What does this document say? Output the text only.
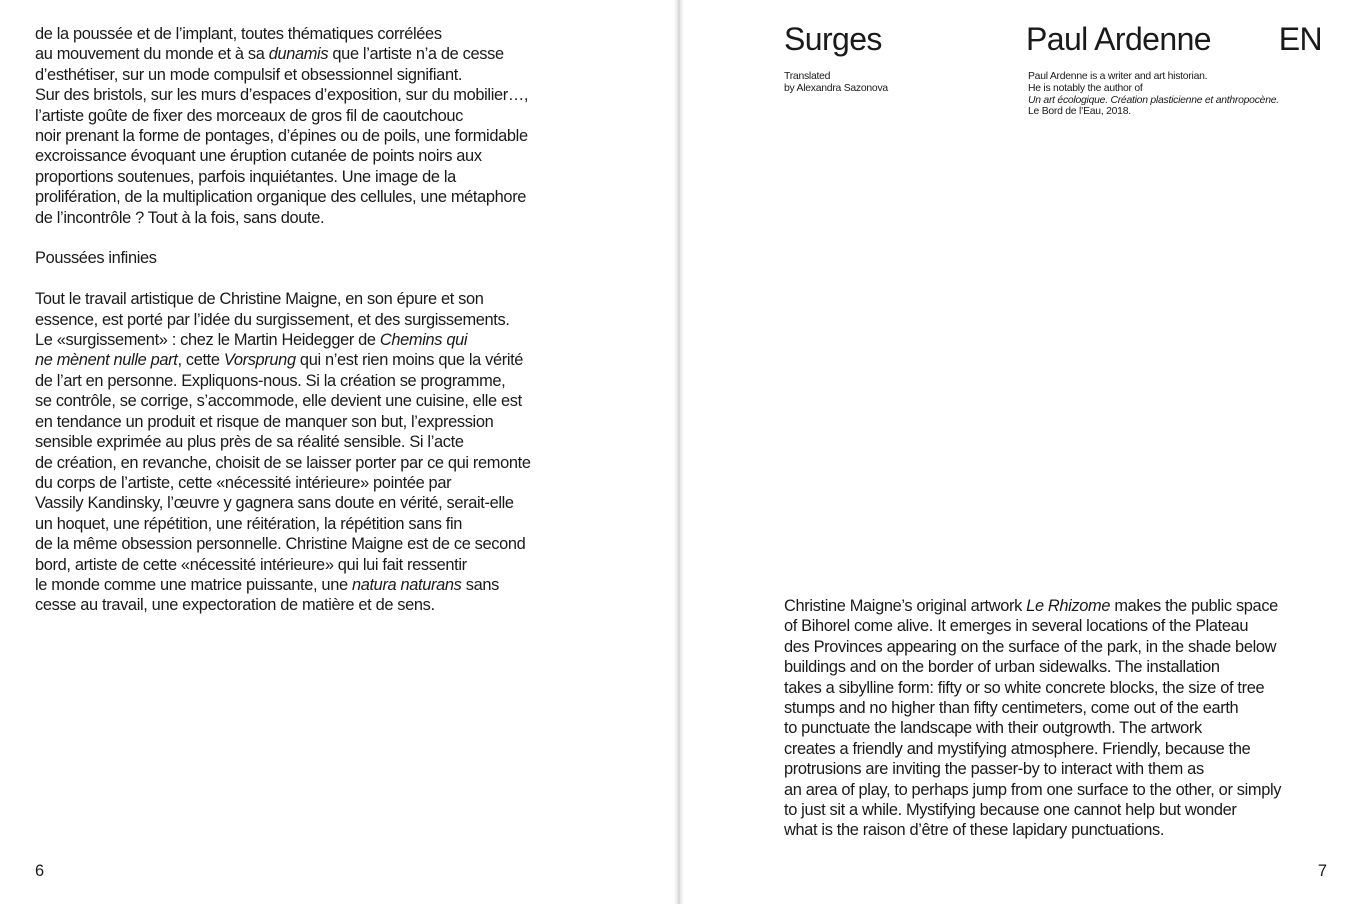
de la poussée et de l’implant, toutes thématiques corrélées
au mouvement du monde et à sa dunamis que l’artiste n’a de cesse
d’esthétiser, sur un mode compulsif et obsessionnel signifiant.
Sur des bristols, sur les murs d’espaces d’exposition, sur du mobilier…,
l’artiste goûte de fixer des morceaux de gros fil de caoutchouc
noir prenant la forme de pontages, d’épines ou de poils, une formidable
excroissance évoquant une éruption cutanée de points noirs aux
proportions soutenues, parfois inquiétantes. Une image de la
prolifération, de la multiplication organique des cellules, une métaphore
de l’incontrôle ? Tout à la fois, sans doute.

Poussées infinies

Tout le travail artistique de Christine Maigne, en son épure et son
essence, est porté par l’idée du surgissement, et des surgissements.
Le «surgissement» : chez le Martin Heidegger de Chemins qui
ne mènent nulle part, cette Vorsprung qui n’est rien moins que la vérité
de l’art en personne. Expliquons-nous. Si la création se programme,
se contrôle, se corrige, s’accommode, elle devient une cuisine, elle est
en tendance un produit et risque de manquer son but, l’expression
sensible exprimée au plus près de sa réalité sensible. Si l’acte
de création, en revanche, choisit de se laisser porter par ce qui remonte
du corps de l’artiste, cette «nécessité intérieure» pointée par
Vassily Kandinsky, l’œuvre y gagnera sans doute en vérité, serait-elle
un hoquet, une répétition, une réitération, la répétition sans fin
de la même obsession personnelle. Christine Maigne est de ce second
bord, artiste de cette «nécessité intérieure» qui lui fait ressentir
le monde comme une matrice puissante, une natura naturans sans
cesse au travail, une expectoration de matière et de sens.

6
Surges	Paul Ardenne EN
Translated
by Alexandra Sazonova
Paul Ardenne is a writer and art historian.
He is notably the author of
Un art écologique. Création plasticienne et anthropocène.
Le Bord de l’Eau, 2018.

Christine Maigne’s original artwork Le Rhizome makes the public space
of Bihorel come alive. It emerges in several locations of the Plateau
des Provinces appearing on the surface of the park, in the shade below
buildings and on the border of urban sidewalks. The installation
takes a sibylline form: fifty or so white concrete blocks, the size of tree
stumps and no higher than fifty centimeters, come out of the earth
to punctuate the landscape with their outgrowth. The artwork
creates a friendly and mystifying atmosphere. Friendly, because the
protrusions are inviting the passer-by to interact with them as
an area of play, to perhaps jump from one surface to the other, or simply
to just sit a while. Mystifying because one cannot help but wonder
what is the raison d’être of these lapidary punctuations.

7
